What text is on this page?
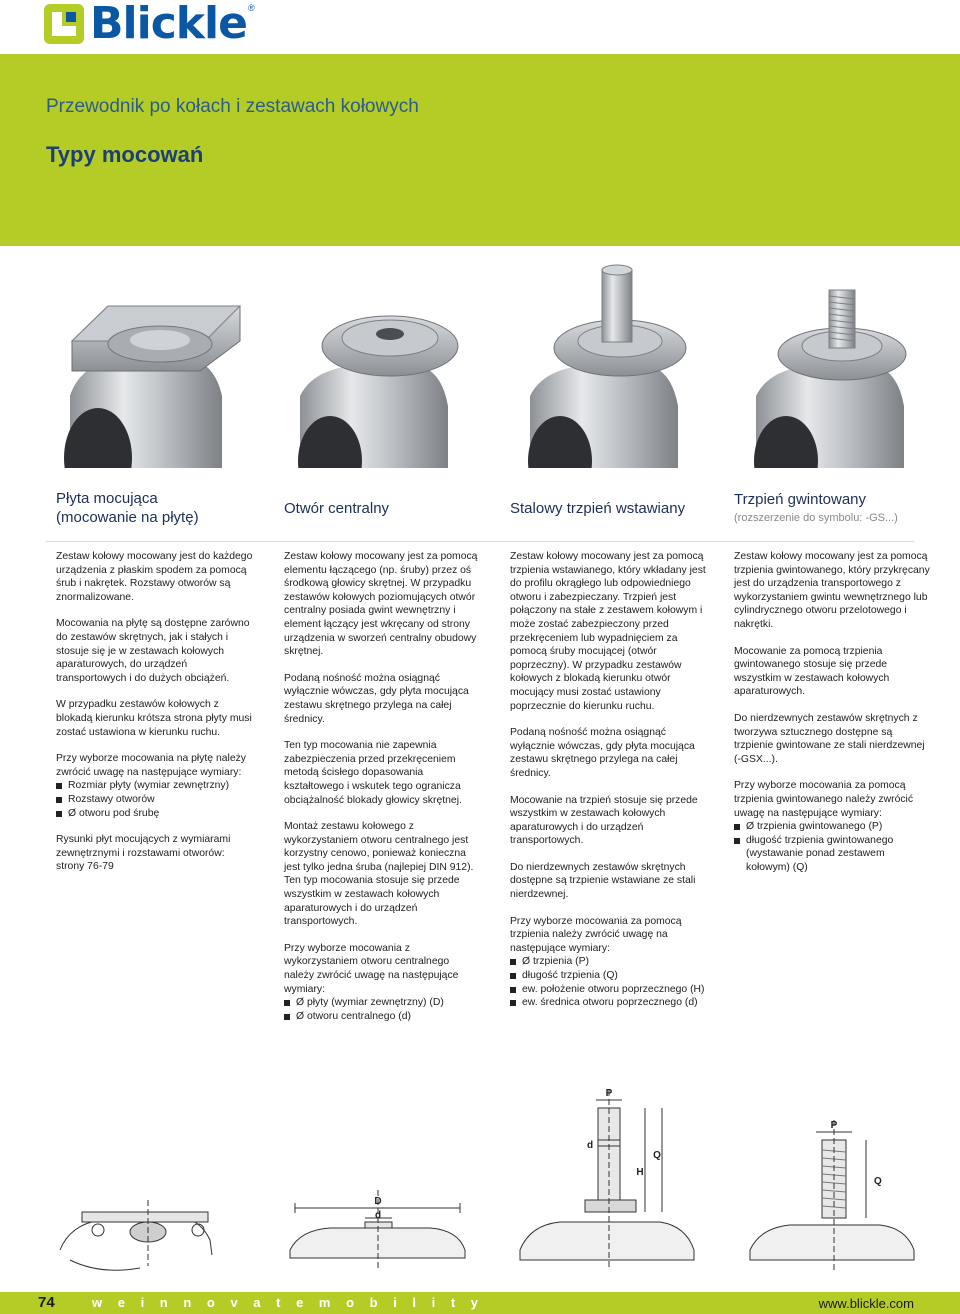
Blickle ®
Przewodnik po kołach i zestawach kołowych
Typy mocowań
Płyta mocująca
(mocowanie na płytę)
Otwór centralny	Stalowy trzpień wstawiany
Trzpień gwintowany
(rozszerzenie do symbolu: -GS...)

Zestaw kołowy mocowany jest do każdego urządzenia z płaskim spodem za pomocą śrub i nakrętek. Rozstawy otworów są znormalizowane.

Mocowania na płytę są dostępne zarówno do zestawów skrętnych, jak i stałych i stosuje się je w zestawach kołowych aparaturowych, do urządzeń transportowych i do dużych obciążeń.

W przypadku zestawów kołowych z blokadą kierunku krótsza strona płyty musi zostać ustawiona w kierunku ruchu.

Przy wyborze mocowania na płytę należy zwrócić uwagę na następujące wymiary:

Rozmiar płyty (wymiar zewnętrzny)
Rozstawy otworów
Ø otworu pod śrubę

Rysunki płyt mocujących z wymiarami zewnętrznymi i rozstawami otworów: strony 76-79

Zestaw kołowy mocowany jest za pomocą elementu łączącego (np. śruby) przez oś środkową głowicy skrętnej. W przypadku zestawów kołowych poziomujących otwór centralny posiada gwint wewnętrzny i element łączący jest wkręcany od strony urządzenia w sworzeń centralny obudowy skrętnej.

Podaną nośność można osiągnąć wyłącznie wówczas, gdy płyta mocująca zestawu skrętnego przylega na całej średnicy.

Ten typ mocowania nie zapewnia zabezpieczenia przed przekręceniem metodą ścisłego dopasowania kształtowego i wskutek tego ogranicza obciążalność blokady głowicy skrętnej.

Montaż zestawu kołowego z wykorzystaniem otworu centralnego jest korzystny cenowo, ponieważ konieczna jest tylko jedna śruba (najlepiej DIN 912). Ten typ mocowania stosuje się przede wszystkim w zestawach kołowych aparaturowych i do urządzeń transportowych.

Przy wyborze mocowania z wykorzystaniem otworu centralnego należy zwrócić uwagę na następujące wymiary:

Ø płyty (wymiar zewnętrzny) (D)
Ø otworu centralnego (d)

Zestaw kołowy mocowany jest za pomocą trzpienia wstawianego, który wkładany jest do profilu okrągłego lub odpowiedniego otworu i zabezpieczany. Trzpień jest połączony na stałe z zestawem kołowym i może zostać zabezpieczony przed przekręceniem lub wypadnięciem za pomocą śruby mocującej (otwór poprzeczny). W przypadku zestawów kołowych z blokadą kierunku otwór mocujący musi zostać ustawiony poprzecznie do kierunku ruchu.

Podaną nośność można osiągnąć wyłącznie wówczas, gdy płyta mocująca zestawu skrętnego przylega na całej średnicy.

Mocowanie na trzpień stosuje się przede wszystkim w zestawach kołowych aparaturowych i do urządzeń transportowych.

Do nierdzewnych zestawów skrętnych dostępne są trzpienie wstawiane ze stali nierdzewnej.

Przy wyborze mocowania za pomocą trzpienia należy zwrócić uwagę na następujące wymiary:

Ø trzpienia (P)
długość trzpienia (Q)
ew. położenie otworu poprzecznego (H)
ew. średnica otworu poprzecznego (d)

Zestaw kołowy mocowany jest za pomocą trzpienia gwintowanego, który przykręcany jest do urządzenia transportowego z wykorzystaniem gwintu wewnętrznego lub cylindrycznego otworu przelotowego i nakrętki.

Mocowanie za pomocą trzpienia gwintowanego stosuje się przede wszystkim w zestawach kołowych aparaturowych.

Do nierdzewnych zestawów skrętnych z tworzywa sztucznego dostępne są trzpienie gwintowane ze stali nierdzewnej (-GSX...).

Przy wyborze mocowania za pomocą trzpienia gwintowanego należy zwrócić uwagę na następujące wymiary:

Ø trzpienia gwintowanego (P)
długość trzpienia gwintowanego (wystawanie ponad zestawem kołowym) (Q)
D
d
P
d
H
Q
P
Q
74	w e i n n o v a t e m o b i l i t y	www.blickle.com
